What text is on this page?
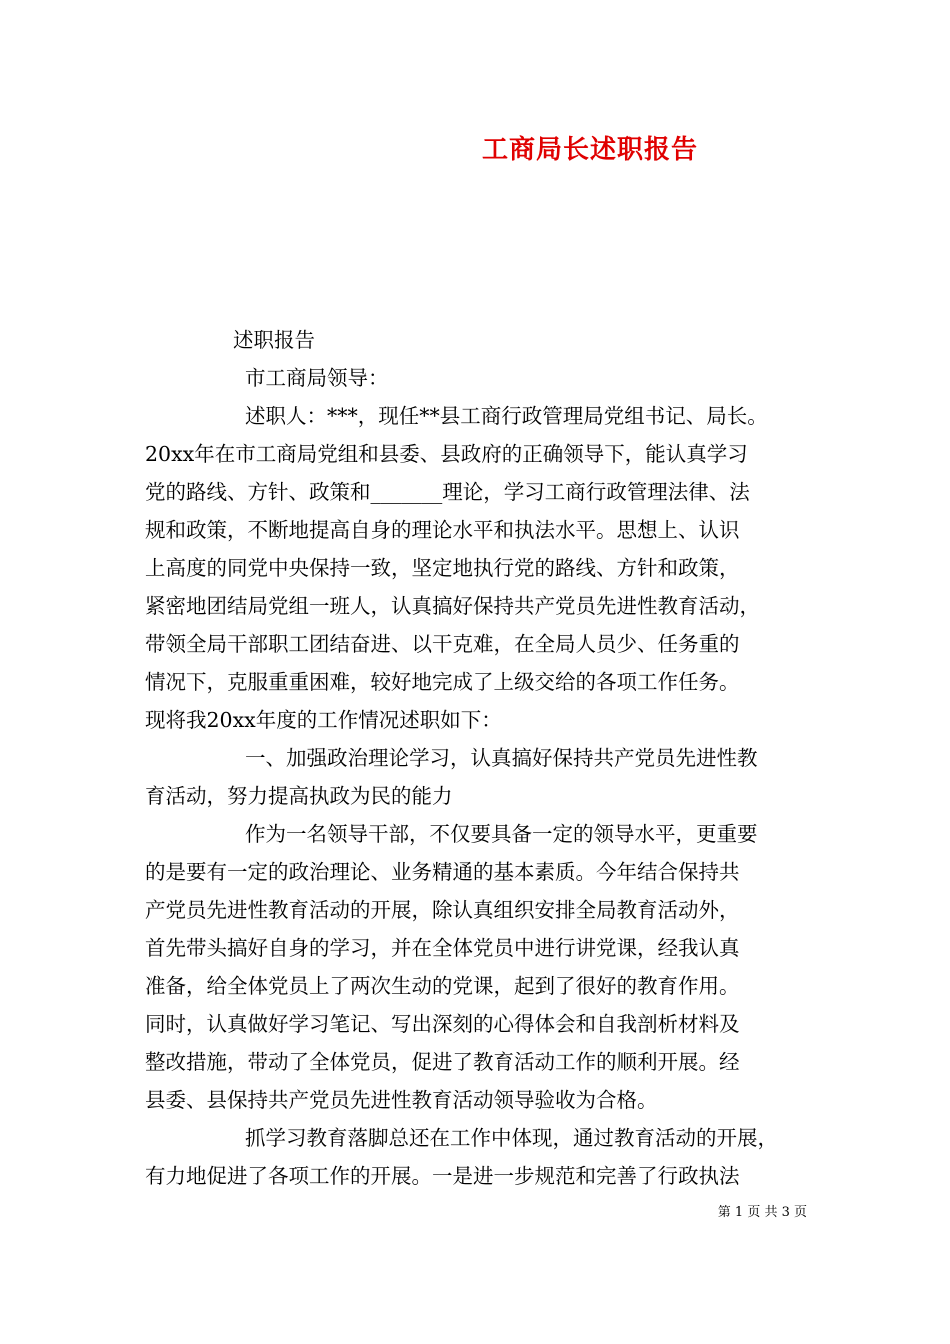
工商局长述职报告
述职报告
市工商局领导：
述职人：***，现任**县工商行政管理局党组书记、局长。
20xx年在市工商局党组和县委、县政府的正确领导下，能认真学习
党的路线、方针、政策和_______理论，学习工商行政管理法律、法
规和政策，不断地提高自身的理论水平和执法水平。思想上、认识
上高度的同党中央保持一致，坚定地执行党的路线、方针和政策，
紧密地团结局党组一班人，认真搞好保持共产党员先进性教育活动，
带领全局干部职工团结奋进、以干克难，在全局人员少、任务重的
情况下，克服重重困难，较好地完成了上级交给的各项工作任务。
现将我20xx年度的工作情况述职如下：
一、加强政治理论学习，认真搞好保持共产党员先进性教
育活动，努力提高执政为民的能力
作为一名领导干部，不仅要具备一定的领导水平，更重要
的是要有一定的政治理论、业务精通的基本素质。今年结合保持共
产党员先进性教育活动的开展，除认真组织安排全局教育活动外，
首先带头搞好自身的学习，并在全体党员中进行讲党课，经我认真
准备，给全体党员上了两次生动的党课，起到了很好的教育作用。
同时，认真做好学习笔记、写出深刻的心得体会和自我剖析材料及
整改措施，带动了全体党员，促进了教育活动工作的顺利开展。经
县委、县保持共产党员先进性教育活动领导验收为合格。
抓学习教育落脚总还在工作中体现，通过教育活动的开展，
有力地促进了各项工作的开展。一是进一步规范和完善了行政执法
第 1 页 共 3 页
